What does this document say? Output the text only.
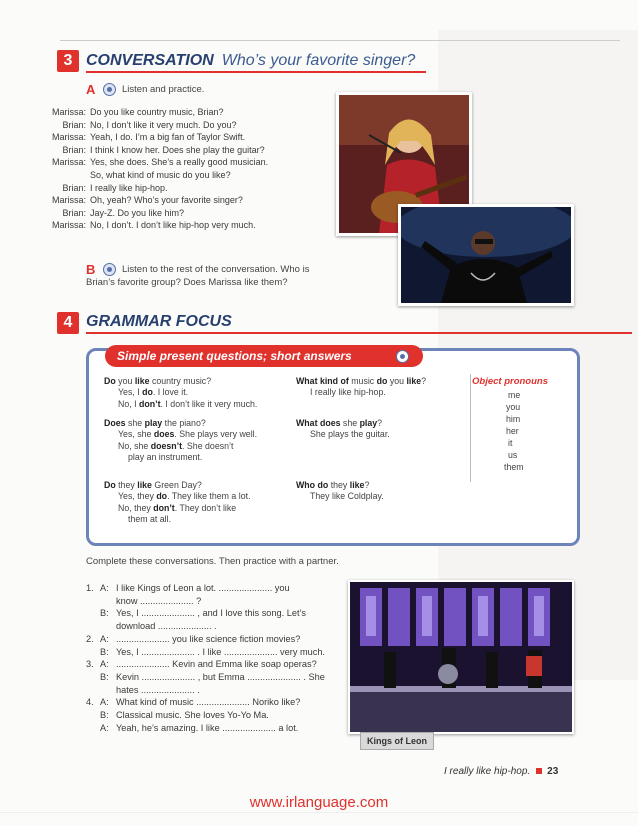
3 CONVERSATION Who’s your favorite singer?
A	Listen and practice.
Marissa: Do you like country music, Brian?
Brian: No, I don’t like it very much. Do you?
Marissa: Yeah, I do. I’m a big fan of Taylor Swift.
Brian: I think I know her. Does she play the guitar?
Marissa: Yes, she does. She’s a really good musician.
So, what kind of music do you like?
Brian: I really like hip-hop.
Marissa: Oh, yeah? Who’s your favorite singer?
Brian: Jay-Z. Do you like him?
Marissa: No, I don’t. I don’t like hip-hop very much.
B	Listen to the rest of the conversation. Who is
Brian’s favorite group? Does Marissa like them?
4 GRAMMAR FOCUS
Simple present questions; short answers
Do you like country music?
Yes, I do. I love it.
No, I don’t. I don’t like it very much.
Does she play the piano?
Yes, she does. She plays very well.
No, she doesn’t. She doesn’t
play an instrument.
Do they like Green Day?
Yes, they do. They like them a lot.
No, they don’t. They don’t like
them at all.
What kind of music do you like?
I really like hip-hop.
What does she play?
She plays the guitar.
Who do they like?
They like Coldplay.
Object pronouns
me
you
him
her
it
us
them
Complete these conversations. Then practice with a partner.
1. A: I like Kings of Leon a lot. ..................... you
know ..................... ?
B: Yes, I ..................... , and I love this song. Let’s
download ..................... .
2. A: ..................... you like science fiction movies?
B: Yes, I ..................... . I like ..................... very much.
3. A: ..................... Kevin and Emma like soap operas?
B: Kevin ..................... , but Emma ..................... . She
hates ..................... .
4. A: What kind of music ..................... Noriko like?
B: Classical music. She loves Yo-Yo Ma.
A: Yeah, he’s amazing. I like ..................... a lot.
Kings of Leon
I really like hip-hop. 23
www.irlanguage.com
